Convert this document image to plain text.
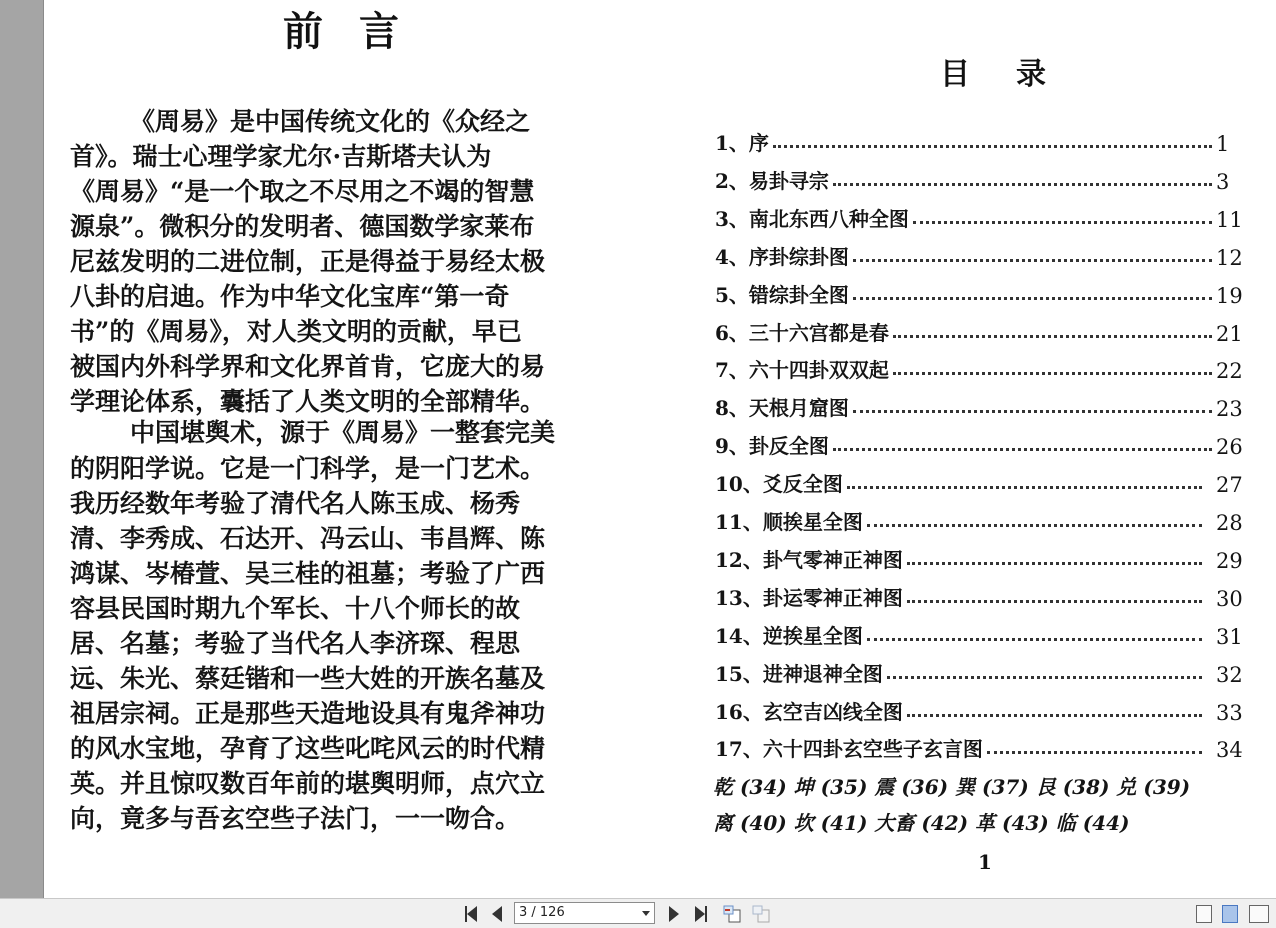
前言
《周易》是中国传统文化的《众经之
首》。瑞士心理学家尤尔·吉斯塔夫认为
《周易》“是一个取之不尽用之不竭的智慧
源泉”。微积分的发明者、德国数学家莱布
尼兹发明的二进位制，正是得益于易经太极
八卦的启迪。作为中华文化宝库“第一奇
书”的《周易》，对人类文明的贡献，早已
被国内外科学界和文化界首肯，它庞大的易
学理论体系，囊括了人类文明的全部精华。
中国堪舆术，源于《周易》一整套完美
的阴阳学说。它是一门科学，是一门艺术。
我历经数年考验了清代名人陈玉成、杨秀
清、李秀成、石达开、冯云山、韦昌辉、陈
鸿谋、岑椿萱、吴三桂的祖墓；考验了广西
容县民国时期九个军长、十八个师长的故
居、名墓；考验了当代名人李济琛、程思
远、朱光、蔡廷锴和一些大姓的开族名墓及
祖居宗祠。正是那些天造地设具有鬼斧神功
的风水宝地，孕育了这些叱咤风云的时代精
英。并且惊叹数百年前的堪舆明师，点穴立
向，竟多与吾玄空些子法门，一一吻合。
目录
1、序	1
2、易卦寻宗	3
3、南北东西八种全图	11
4、序卦综卦图	12
5、错综卦全图	19
6、三十六宫都是春	21
7、六十四卦双双起	22
8、天根月窟图	23
9、卦反全图	26
10、爻反全图	27
11、顺挨星全图	28
12、卦气零神正神图	29
13、卦运零神正神图	30
14、逆挨星全图	31
15、进神退神全图	32
16、玄空吉凶线全图	33
17、六十四卦玄空些子玄言图	34
乾 (34) 坤 (35) 震 (36) 巽 (37) 艮 (38) 兑 (39)
离 (40) 坎 (41) 大畜 (42) 革 (43) 临 (44)
1
3 / 126
